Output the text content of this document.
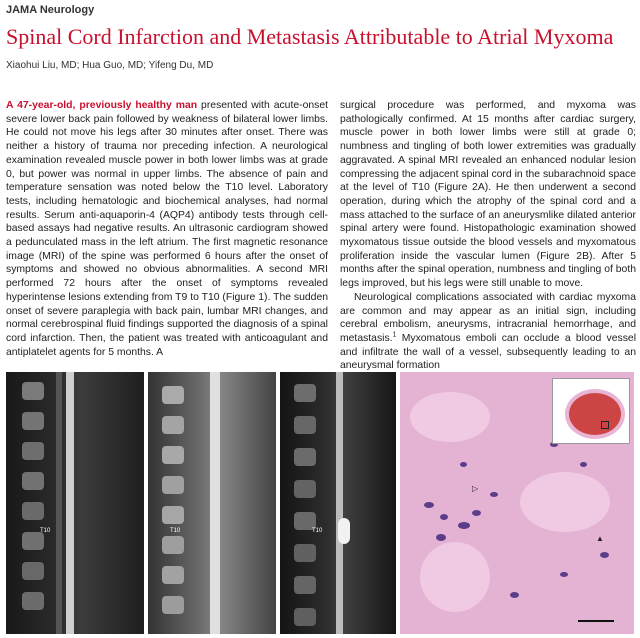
JAMA Neurology
Spinal Cord Infarction and Metastasis Attributable to Atrial Myxoma
Xiaohui Liu, MD; Hua Guo, MD; Yifeng Du, MD

A 47-year-old, previously healthy man presented with acute-onset severe lower back pain followed by weakness of bilateral lower limbs. He could not move his legs after 30 minutes after onset. There was neither a history of trauma nor preceding infection. A neurological examination revealed muscle power in both lower limbs was at grade 0, but power was normal in upper limbs. The absence of pain and temperature sensation was noted below the T10 level. Laboratory tests, including hematologic and biochemical analyses, had normal results. Serum anti-aquaporin-4 (AQP4) antibody tests through cell-based assays had negative results. An ultrasonic cardiogram showed a pedunculated mass in the left atrium. The first magnetic resonance image (MRI) of the spine was performed 6 hours after the onset of symptoms and showed no obvious abnormalities. A second MRI performed 72 hours after the onset of symptoms revealed hyperintense lesions extending from T9 to T10 (Figure 1). The sudden onset of severe paraplegia with back pain, lumbar MRI changes, and normal cerebrospinal fluid findings supported the diagnosis of a spinal cord infarction. Then, the patient was treated with anticoagulant and antiplatelet agents for 5 months. A

surgical procedure was performed, and myxoma was pathologically confirmed. At 15 months after cardiac surgery, muscle power in both lower limbs were still at grade 0; numbness and tingling of both lower extremities was gradually aggravated. A spinal MRI revealed an enhanced nodular lesion compressing the adjacent spinal cord in the subarachnoid space at the level of T10 (Figure 2A). He then underwent a second operation, during which the atrophy of the spinal cord and a mass attached to the surface of an aneurysmlike dilated anterior spinal artery were found. Histopathologic examination showed myxomatous tissue outside the blood vessels and myxomatous proliferation inside the vascular lumen (Figure 2B). After 5 months after the spinal operation, numbness and tingling of both legs improved, but his legs were still unable to move.

Neurological complications associated with cardiac myxoma are common and may appear as an initial sign, including cerebral embolism, aneurysms, intracranial hemorrhage, and metastasis.$^1$ Myxomatous emboli can occlude a blood vessel and infiltrate the wall of a vessel, subsequently leading to an aneurysmal formation

T10	T10	T10
▷
▲
